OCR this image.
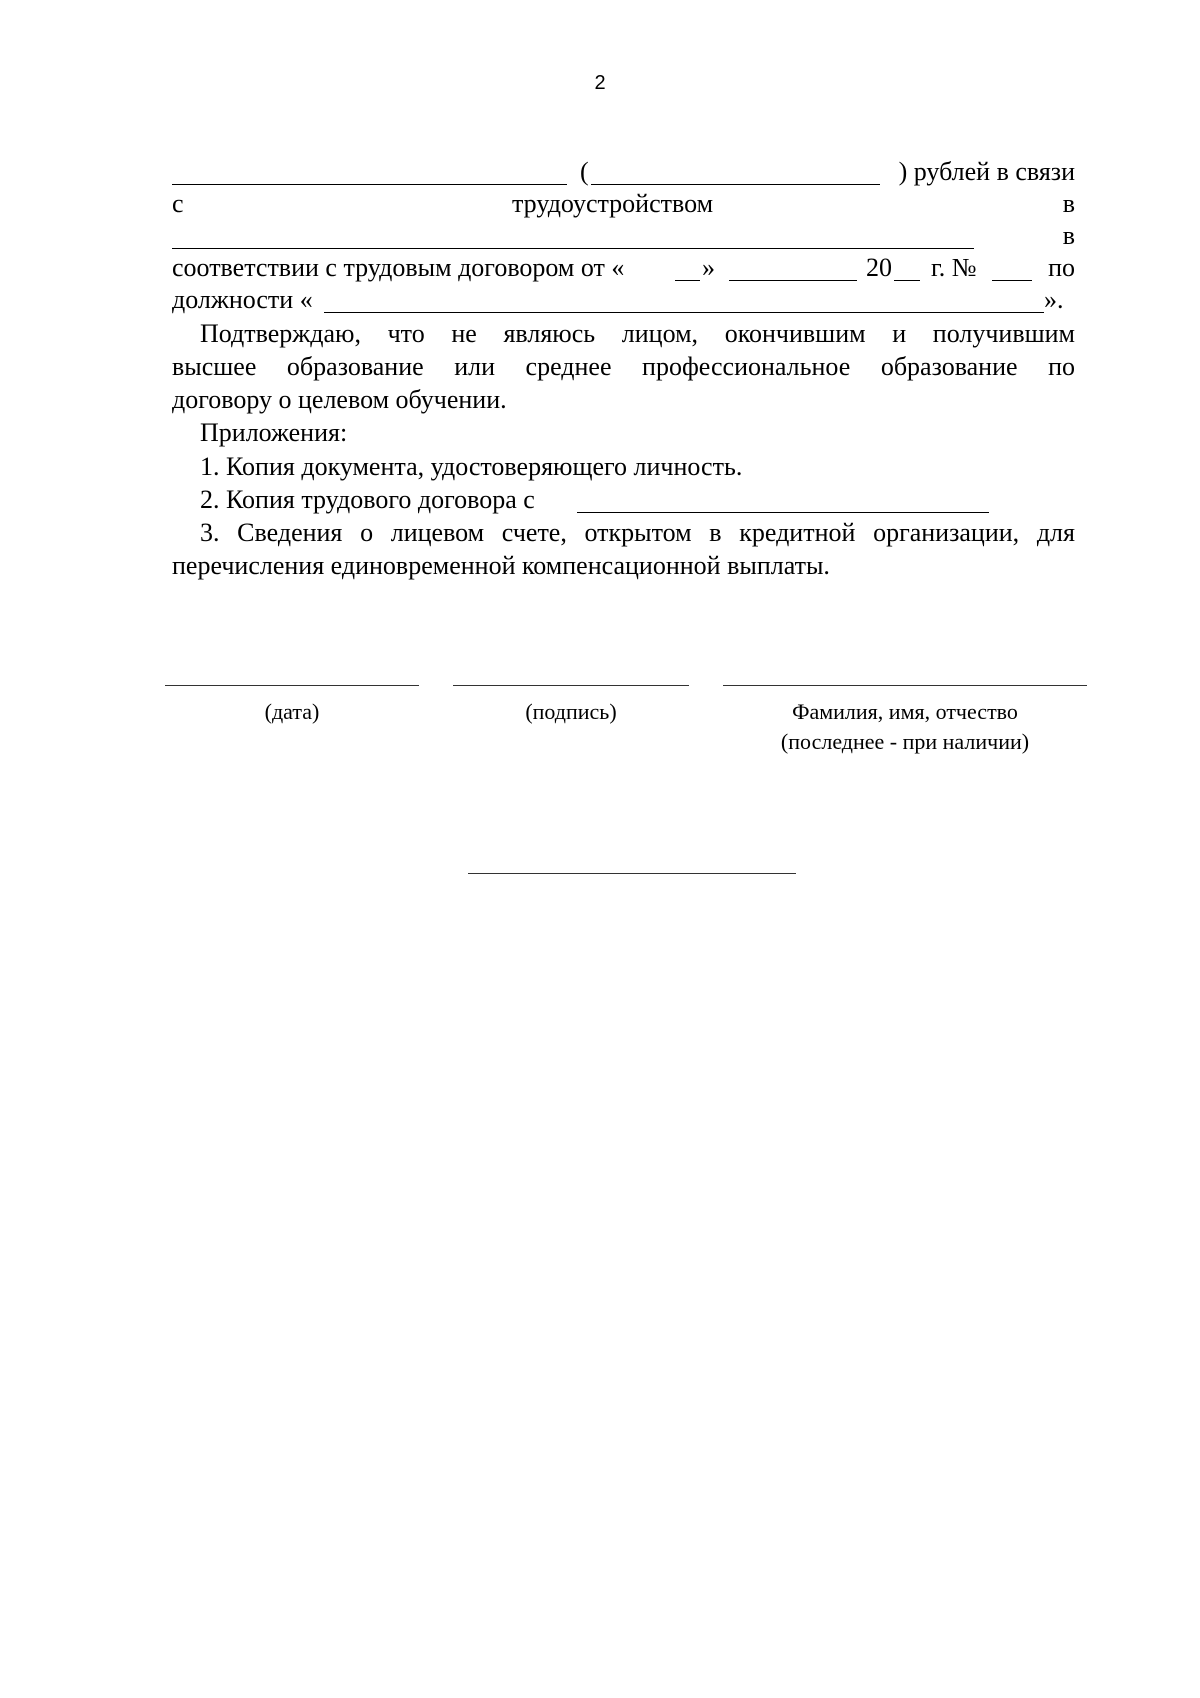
2
(	) рублей в связи
с	трудоустройством	в
в
соответствии с трудовым договором от «	»	20 г. №	по
должности «	».
Подтверждаю, что не являюсь лицом, окончившим и получившим
высшее образование или среднее профессиональное образование по
договору о целевом обучении.
Приложения:
1. Копия документа, удостоверяющего личность.
2. Копия трудового договора с
3. Сведения о лицевом счете, открытом в кредитной организации, для
перечисления единовременной компенсационной выплаты.
(дата)	(подпись)	Фамилия, имя, отчество
(последнее - при наличии)
